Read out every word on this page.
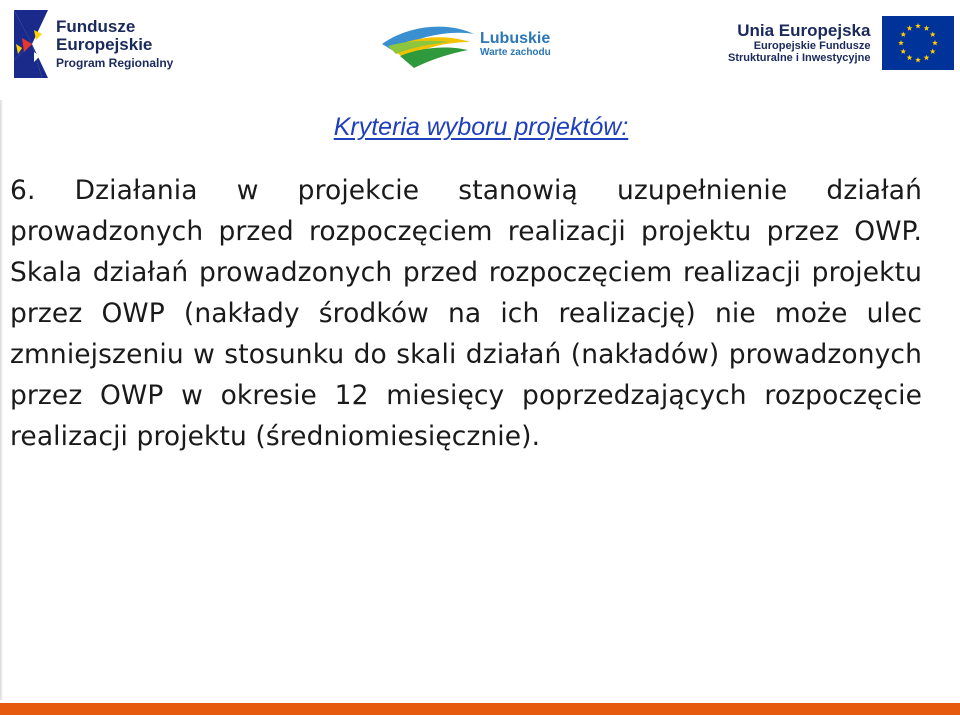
Fundusze
Europejskie
Program Regionalny
Lubuskie
Warte zachodu
Unia Europejska
Europejskie Fundusze
Strukturalne i Inwestycyjne
Kryteria wyboru projektów:

6. Działania w projekcie stanowią uzupełnienie działań prowadzonych przed rozpoczęciem realizacji projektu przez OWP. Skala działań prowadzonych przed rozpoczęciem realizacji projektu przez OWP (nakłady środków na ich realizację) nie może ulec zmniejszeniu w stosunku do skali działań (nakładów) prowadzonych przez OWP w okresie 12 miesięcy poprzedzających rozpoczęcie realizacji projektu (średniomiesięcznie).
